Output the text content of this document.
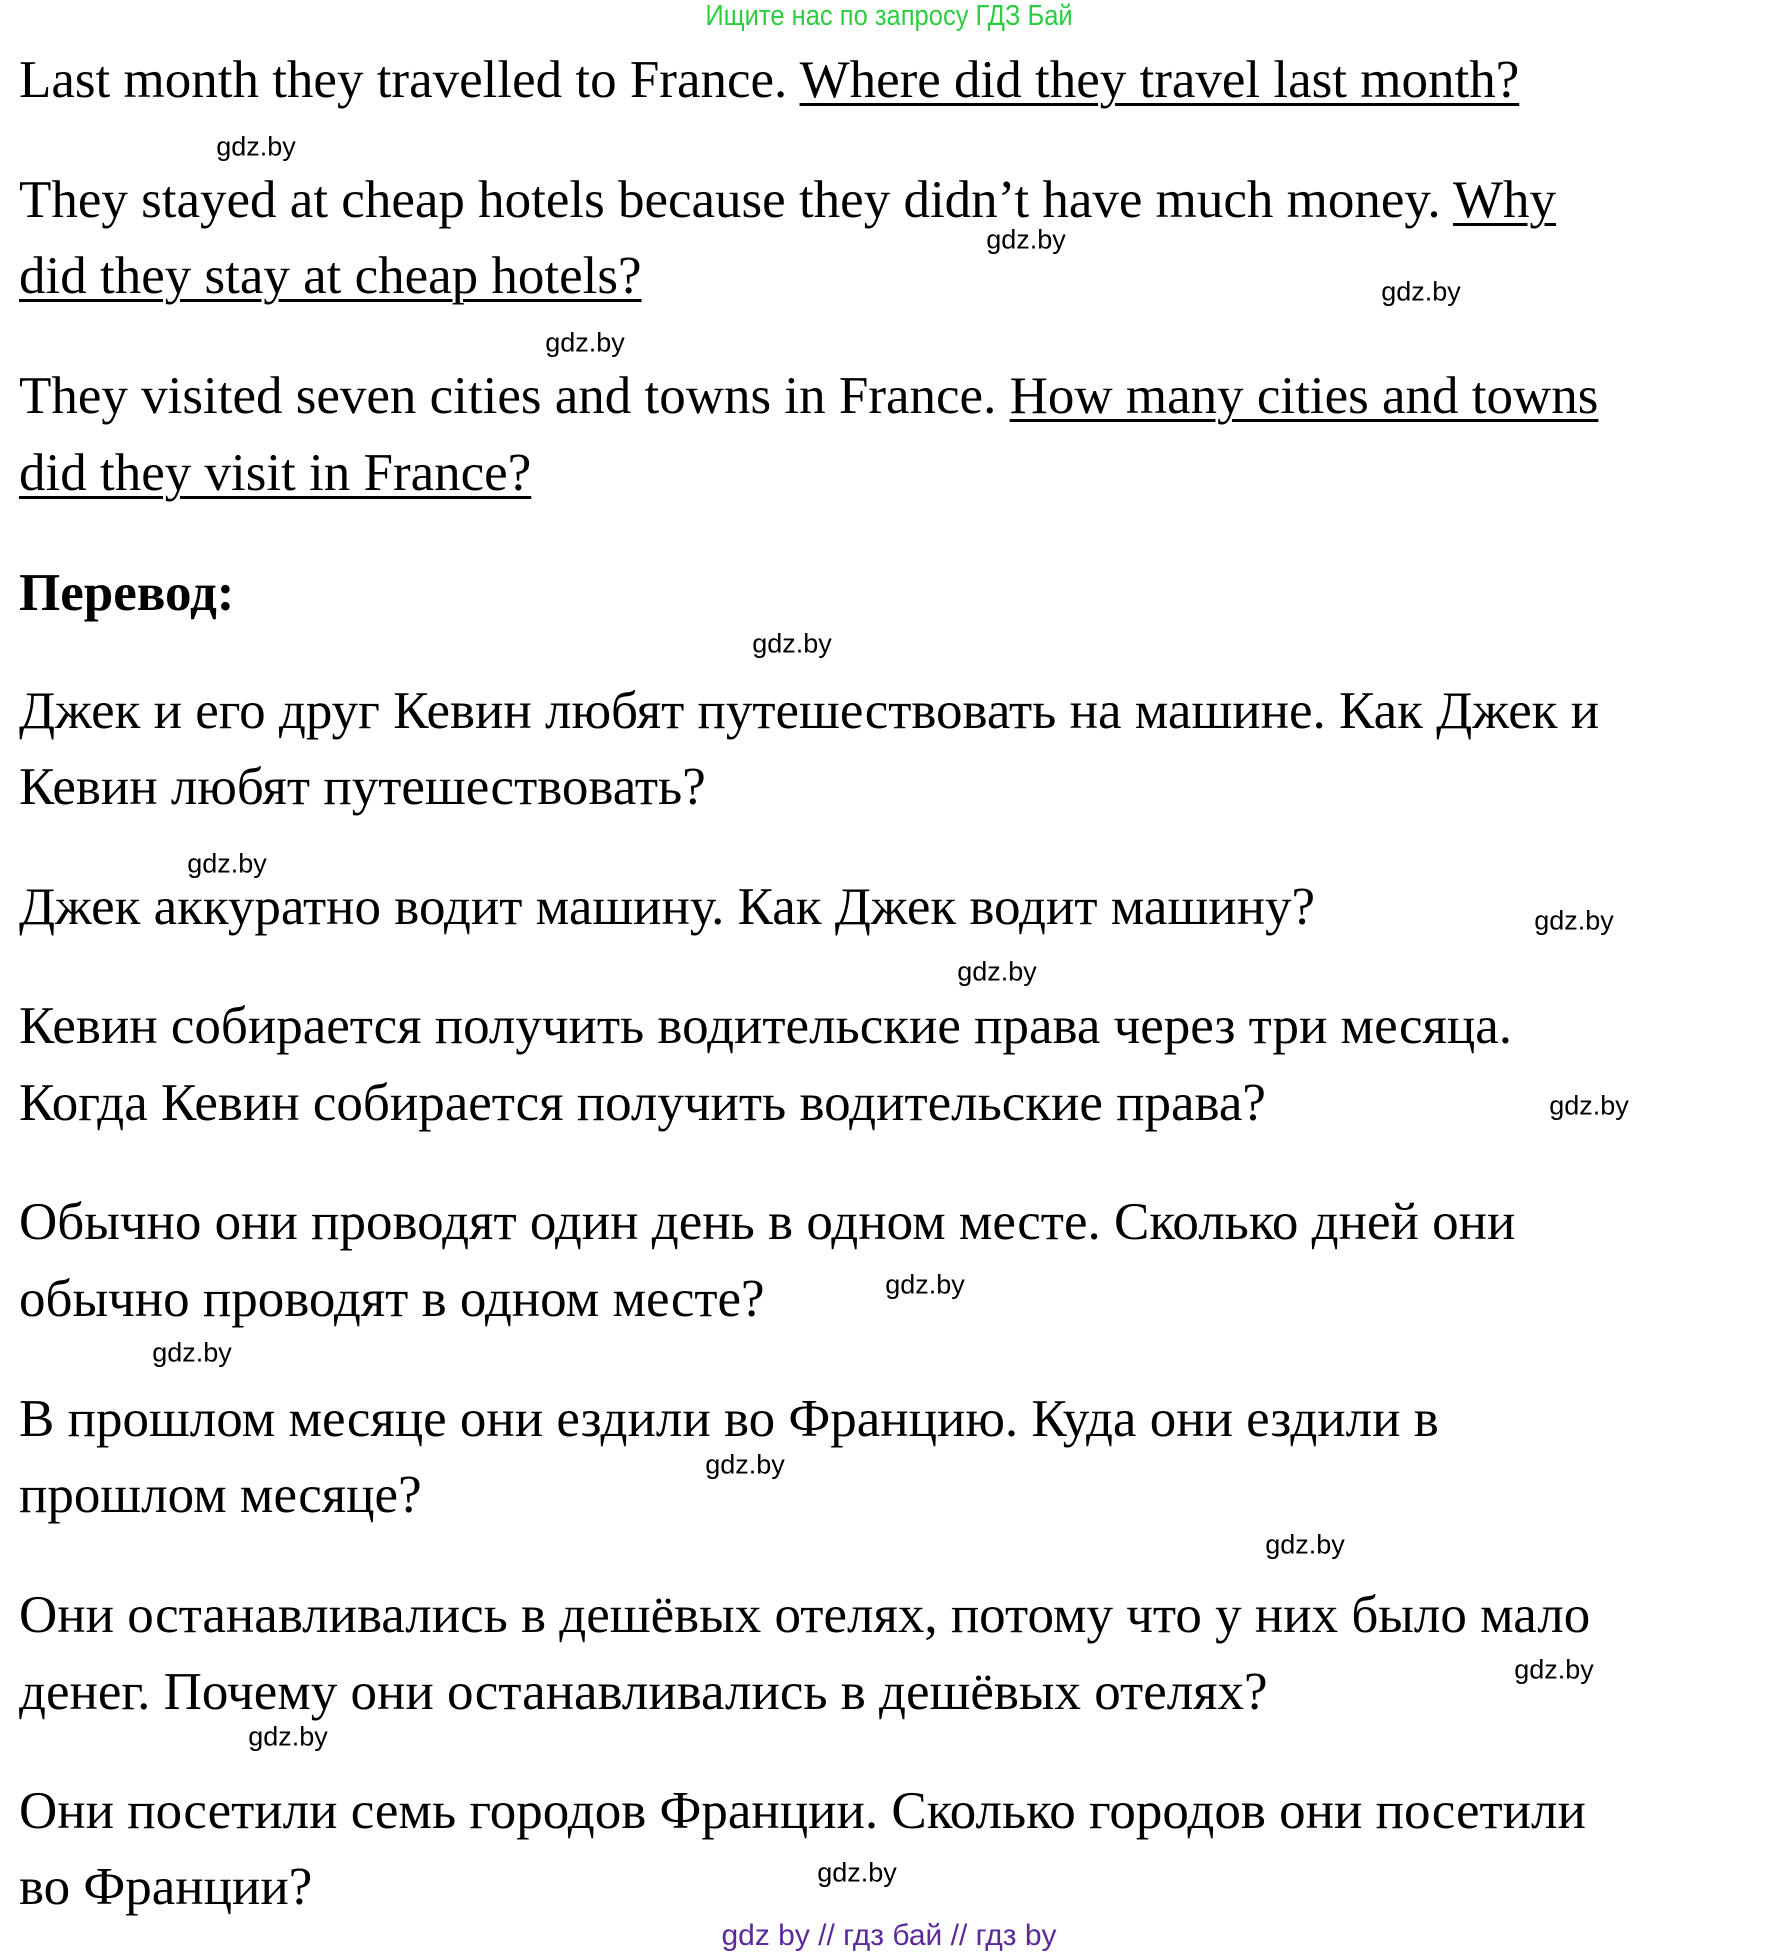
Ищите нас по запросу ГДЗ Бай
Last month they travelled to France. Where did they travel last month?
They stayed at cheap hotels because they didn’t have much money. Why
did they stay at cheap hotels?
They visited seven cities and towns in France. How many cities and towns
did they visit in France?
Перевод:
Джек и его друг Кевин любят путешествовать на машине. Как Джек и
Кевин любят путешествовать?
Джек аккуратно водит машину. Как Джек водит машину?
Кевин собирается получить водительские права через три месяца.
Когда Кевин собирается получить водительские права?
Обычно они проводят один день в одном месте. Сколько дней они
обычно проводят в одном месте?
В прошлом месяце они ездили во Францию. Куда они ездили в
прошлом месяце?
Они останавливались в дешёвых отелях, потому что у них было мало
денег. Почему они останавливались в дешёвых отелях?
Они посетили семь городов Франции. Сколько городов они посетили
во Франции?
gdz.by
gdz.by
gdz.by
gdz.by
gdz.by
gdz.by
gdz.by
gdz.by
gdz.by
gdz.by
gdz.by
gdz.by
gdz.by
gdz.by
gdz.by
gdz.by
gdz by // гдз бай // гдз by
